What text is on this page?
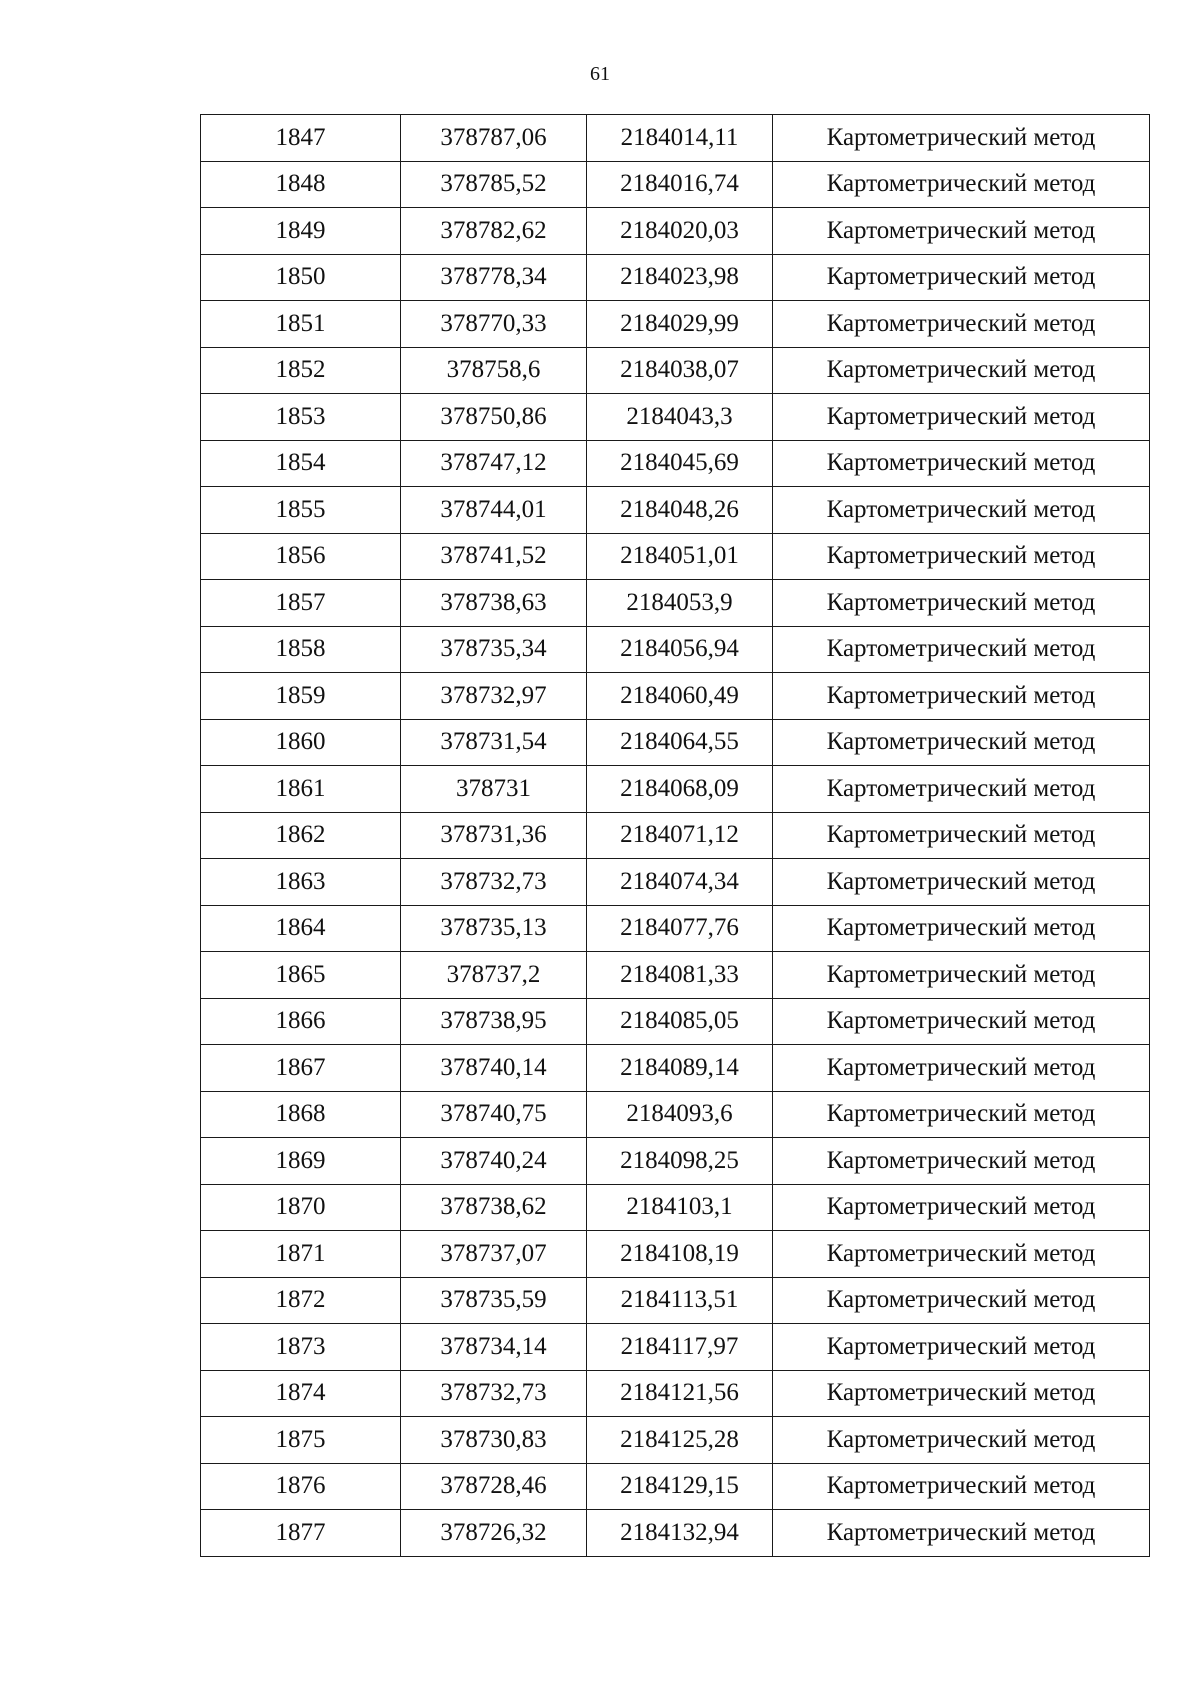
61
1847	378787,06	2184014,11	Картометрический метод
1848	378785,52	2184016,74	Картометрический метод
1849	378782,62	2184020,03	Картометрический метод
1850	378778,34	2184023,98	Картометрический метод
1851	378770,33	2184029,99	Картометрический метод
1852	378758,6	2184038,07	Картометрический метод
1853	378750,86	2184043,3	Картометрический метод
1854	378747,12	2184045,69	Картометрический метод
1855	378744,01	2184048,26	Картометрический метод
1856	378741,52	2184051,01	Картометрический метод
1857	378738,63	2184053,9	Картометрический метод
1858	378735,34	2184056,94	Картометрический метод
1859	378732,97	2184060,49	Картометрический метод
1860	378731,54	2184064,55	Картометрический метод
1861	378731	2184068,09	Картометрический метод
1862	378731,36	2184071,12	Картометрический метод
1863	378732,73	2184074,34	Картометрический метод
1864	378735,13	2184077,76	Картометрический метод
1865	378737,2	2184081,33	Картометрический метод
1866	378738,95	2184085,05	Картометрический метод
1867	378740,14	2184089,14	Картометрический метод
1868	378740,75	2184093,6	Картометрический метод
1869	378740,24	2184098,25	Картометрический метод
1870	378738,62	2184103,1	Картометрический метод
1871	378737,07	2184108,19	Картометрический метод
1872	378735,59	2184113,51	Картометрический метод
1873	378734,14	2184117,97	Картометрический метод
1874	378732,73	2184121,56	Картометрический метод
1875	378730,83	2184125,28	Картометрический метод
1876	378728,46	2184129,15	Картометрический метод
1877	378726,32	2184132,94	Картометрический метод
